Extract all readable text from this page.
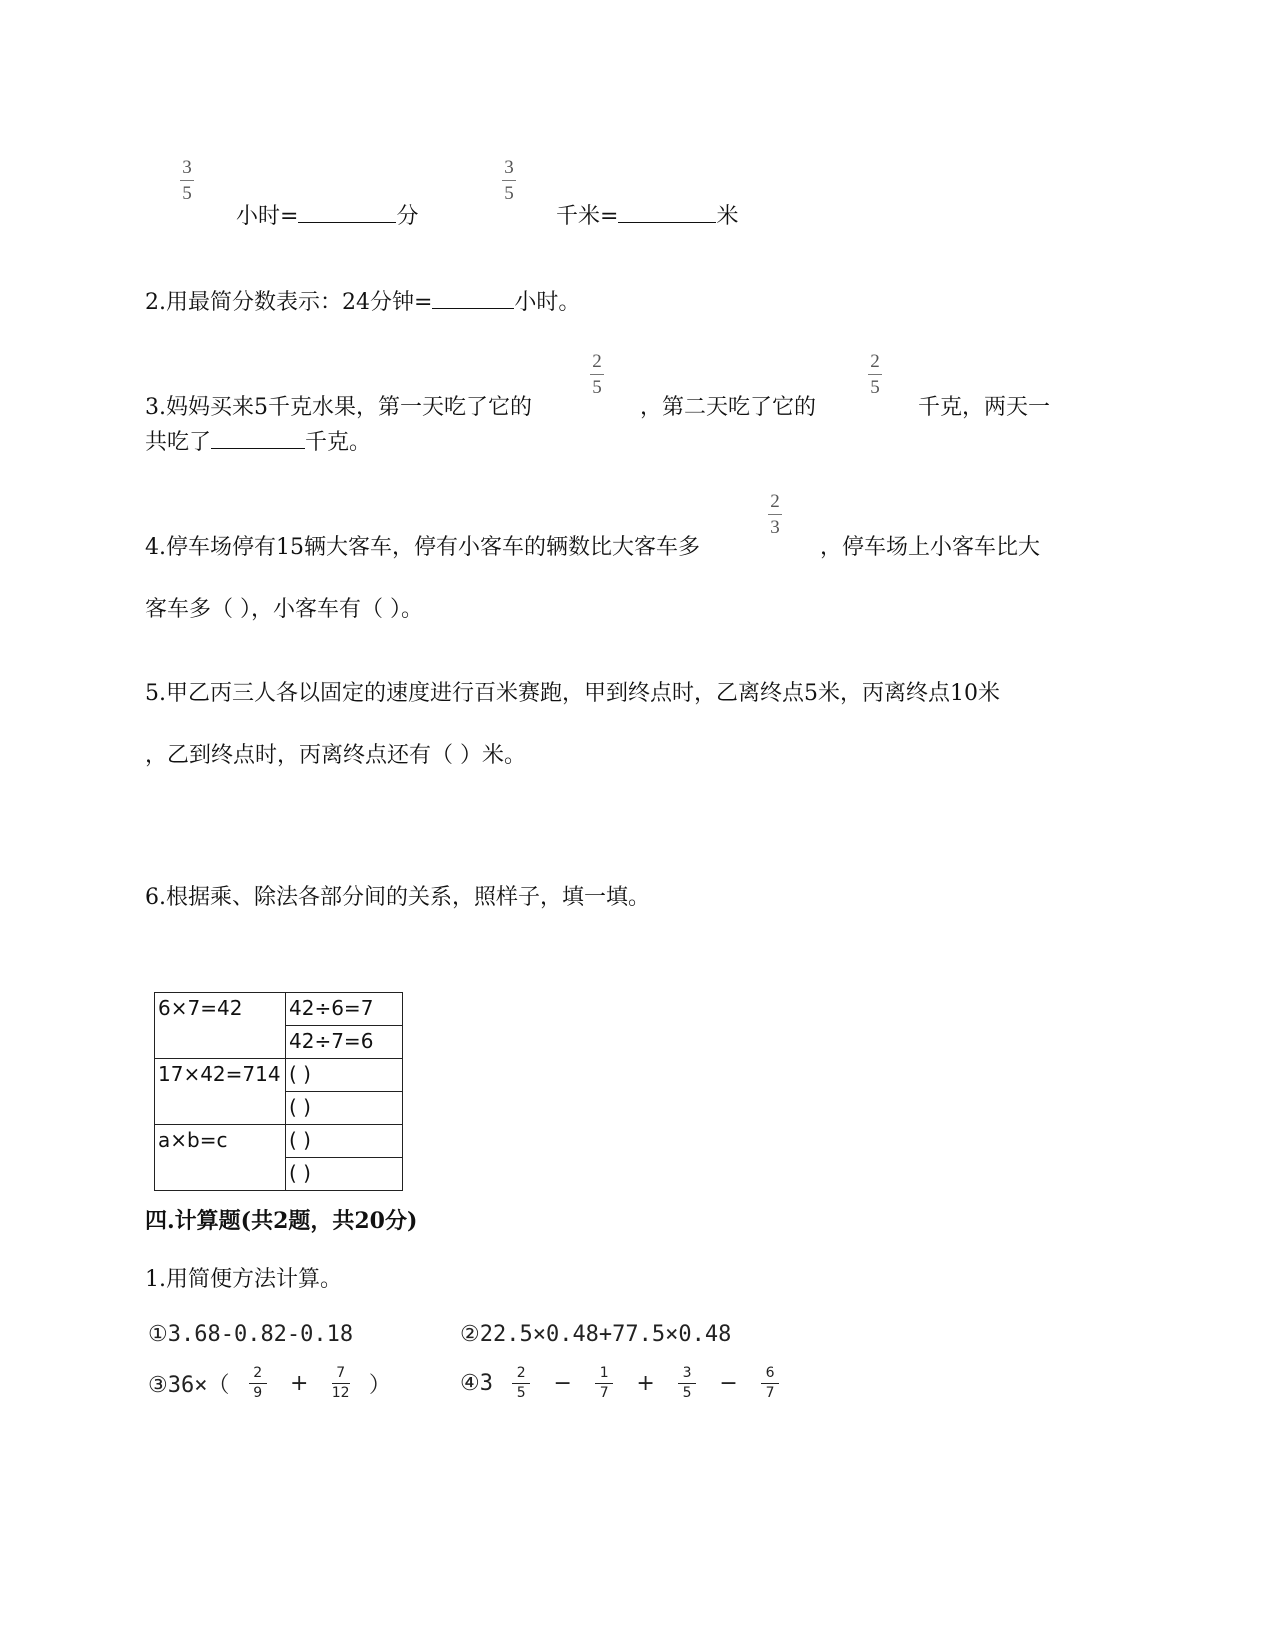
3
5
小时=	分
3
5
千米=	米
2.用最简分数表示：24分钟=	小时。
3.妈妈买来5千克水果，第一天吃了它的
2
5
，第二天吃了它的
2
5
千克，两天一
共吃了	千克。
4.停车场停有15辆大客车，停有小客车的辆数比大客车多
2
3
，停车场上小客车比大
客车多（ ），小客车有（ ）。
5.甲乙丙三人各以固定的速度进行百米赛跑，甲到终点时，乙离终点5米，丙离终点10米
，乙到终点时，丙离终点还有（ ）米。
6.根据乘、除法各部分间的关系，照样子，填一填。
6×7=42	42÷6=7
	42÷7=6
17×42=714	( )
	( )
a×b=c	( )
	( )
四.计算题(共2题，共20分)
1.用简便方法计算。
①3.68-0.82-0.18	②22.5×0.48+77.5×0.48
③36×（ $\frac{2}{9} + \frac{7}{12}$ ）	④3 $\frac{2}{5} - \frac{1}{7} + \frac{3}{5} - \frac{6}{7}$
